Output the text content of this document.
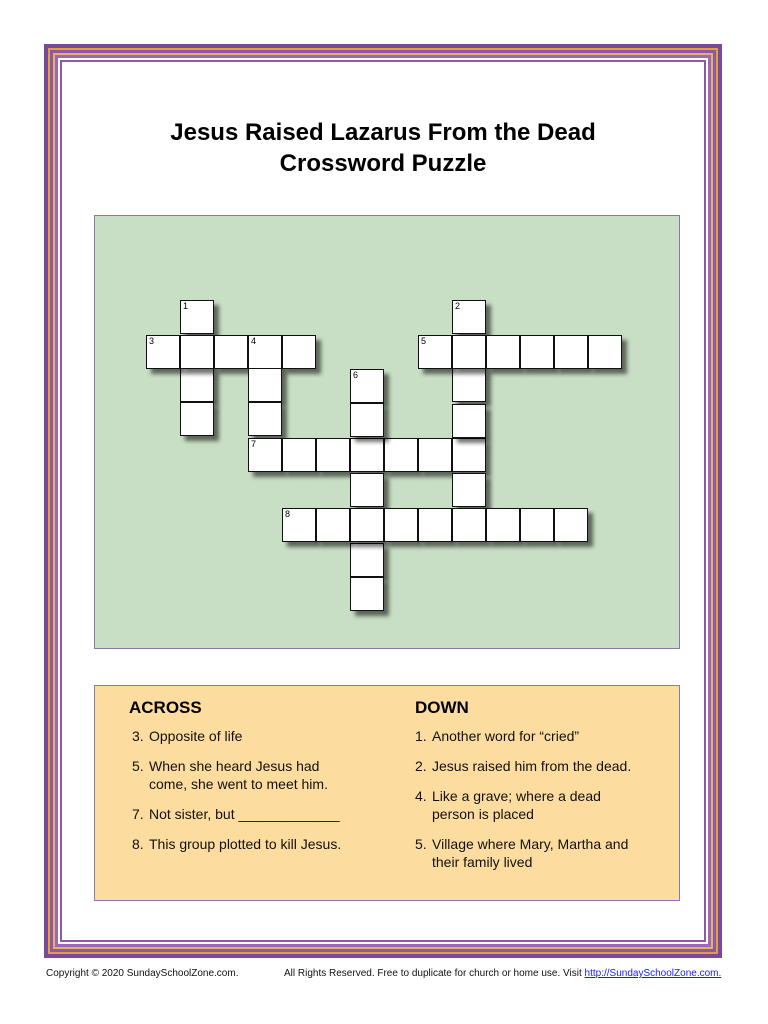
Jesus Raised Lazarus From the Dead
Crossword Puzzle
1
3	4
7
6
2
5
8
ACROSS
3. Opposite of life
5. When she heard Jesus had come, she went to meet him.
7. Not sister, but _____________
8. This group plotted to kill Jesus.
DOWN
1. Another word for “cried”
2. Jesus raised him from the dead.
4. Like a grave; where a dead person is placed
5. Village where Mary, Martha and their family lived
Copyright © 2020 SundaySchoolZone.com.	All Rights Reserved. Free to duplicate for church or home use. Visit http://SundaySchoolZone.com.
